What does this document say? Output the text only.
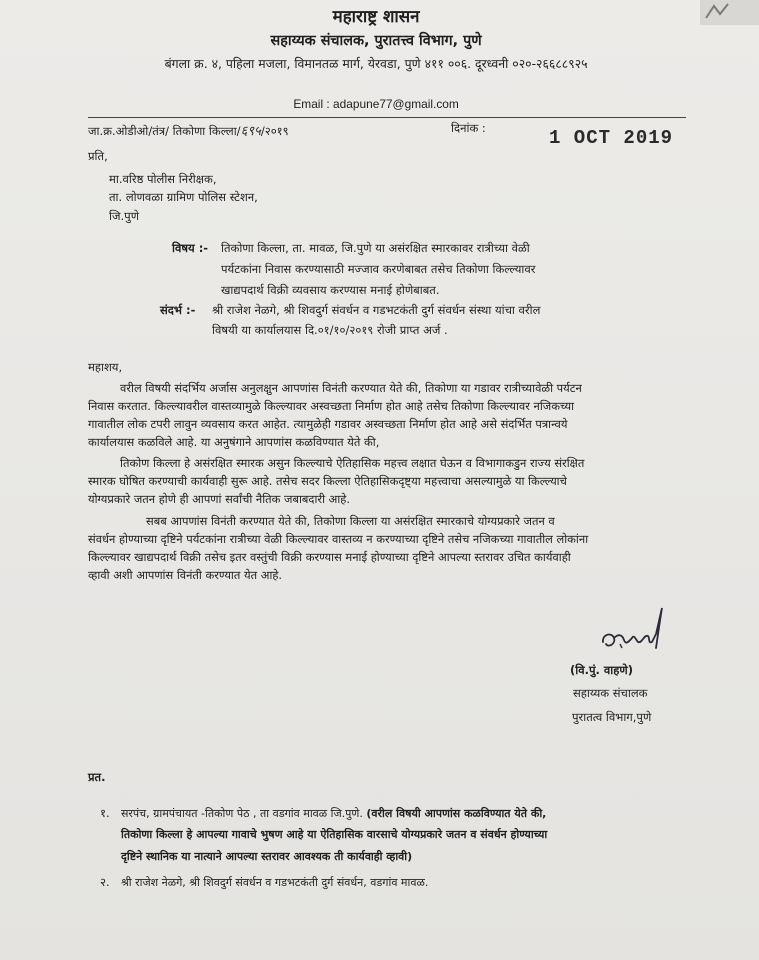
महाराष्ट्र शासन
सहाय्यक संचालक, पुरातत्त्व विभाग, पुणे
बंगला क्र. ४, पहिला मजला, विमानतळ मार्ग, येरवडा, पुणे ४११ ००६. दूरध्वनी ०२०-२६६८८९२५
Email : adapune77@gmail.com
जा.क्र.ओडीओ/तंत्र/ तिकोणा किल्ला/६९५/२०१९	दिनांक :	1 OCT 2019
प्रति,
मा.वरिष्ठ पोलीस निरीक्षक,
ता. लोणवळा ग्रामिण पोलिस स्टेशन,
जि.पुणे
विषय :- तिकोणा किल्ला, ता. मावळ, जि.पुणे या असंरक्षित स्मारकावर रात्रीच्या वेळी
पर्यटकांना निवास करण्यासाठी मज्जाव करणेबाबत तसेच तिकोणा किल्ल्यावर
खाद्यपदार्थ विक्री व्यवसाय करण्यास मनाई होणेबाबत.
संदर्भ :- श्री राजेश नेळगे, श्री शिवदुर्ग संवर्धन व गडभटकंती दुर्ग संवर्धन संस्था यांचा वरील
विषयी या कार्यालयास दि.०१/१०/२०१९ रोजी प्राप्त अर्ज .
महाशय,
वरील विषयी संदर्भिय अर्जास अनुलक्षुन आपणांस विनंती करण्यात येते की, तिकोणा या गडावर रात्रीच्यावेळी पर्यटन
निवास करतात. किल्ल्यावरील वास्तव्यामुळे किल्ल्यावर अस्वच्छता निर्माण होत आहे तसेच तिकोणा किल्ल्यावर नजिकच्या
गावातील लोक टपरी लावुन व्यवसाय करत आहेत. त्यामुळेही गडावर अस्वच्छता निर्माण होत आहे असे संदर्भित पत्रान्वये
कार्यालयास कळविले आहे. या अनुषंगाने आपणांस कळविण्यात येते की,
तिकोण किल्ला हे असंरक्षित स्मारक असुन किल्ल्याचे ऐतिहासिक महत्त्व लक्षात घेऊन व विभागाकडुन राज्य संरक्षित
स्मारक घोषित करण्याची कार्यवाही सुरू आहे. तसेच सदर किल्ला ऐतिहासिकदृष्ट्या महत्त्वाचा असल्यामुळे या किल्ल्याचे
योग्यप्रकारे जतन होणे ही आपणां सर्वांची नैतिक जबाबदारी आहे.
सबब आपणांस विनंती करण्यात येते की, तिकोणा किल्ला या असंरक्षित स्मारकाचे योग्यप्रकारे जतन व
संवर्धन होण्याच्या दृष्टिने पर्यटकांना रात्रीच्या वेळी किल्ल्यावर वास्तव्य न करण्याच्या दृष्टिने तसेच नजिकच्या गावातील लोकांना
किल्ल्यावर खाद्यपदार्थ विक्री तसेच इतर वस्तुंची विक्री करण्यास मनाई होण्याच्या दृष्टिने आपल्या स्तरावर उचित कार्यवाही
व्हावी अशी आपणांस विनंती करण्यात येत आहे.
(वि.पुं. वाहणे)
सहाय्यक संचालक
पुरातत्व विभाग,पुणे
प्रत.
१. सरपंच, ग्रामपंचायत -तिकोण पेठ , ता वडगांव मावळ जि.पुणे. (वरील विषयी आपणांस कळविण्यात येते की,
तिकोणा किल्ला हे आपल्या गावाचे भुषण आहे या ऐतिहासिक वारसाचे योग्यप्रकारे जतन व संवर्धन होण्याच्या
दृष्टिने स्थानिक या नात्याने आपल्या स्तरावर आवश्यक ती कार्यवाही व्हावी)
२. श्री राजेश नेळगे, श्री शिवदुर्ग संवर्धन व गडभटकंती दुर्ग संवर्धन, वडगांव मावळ.
